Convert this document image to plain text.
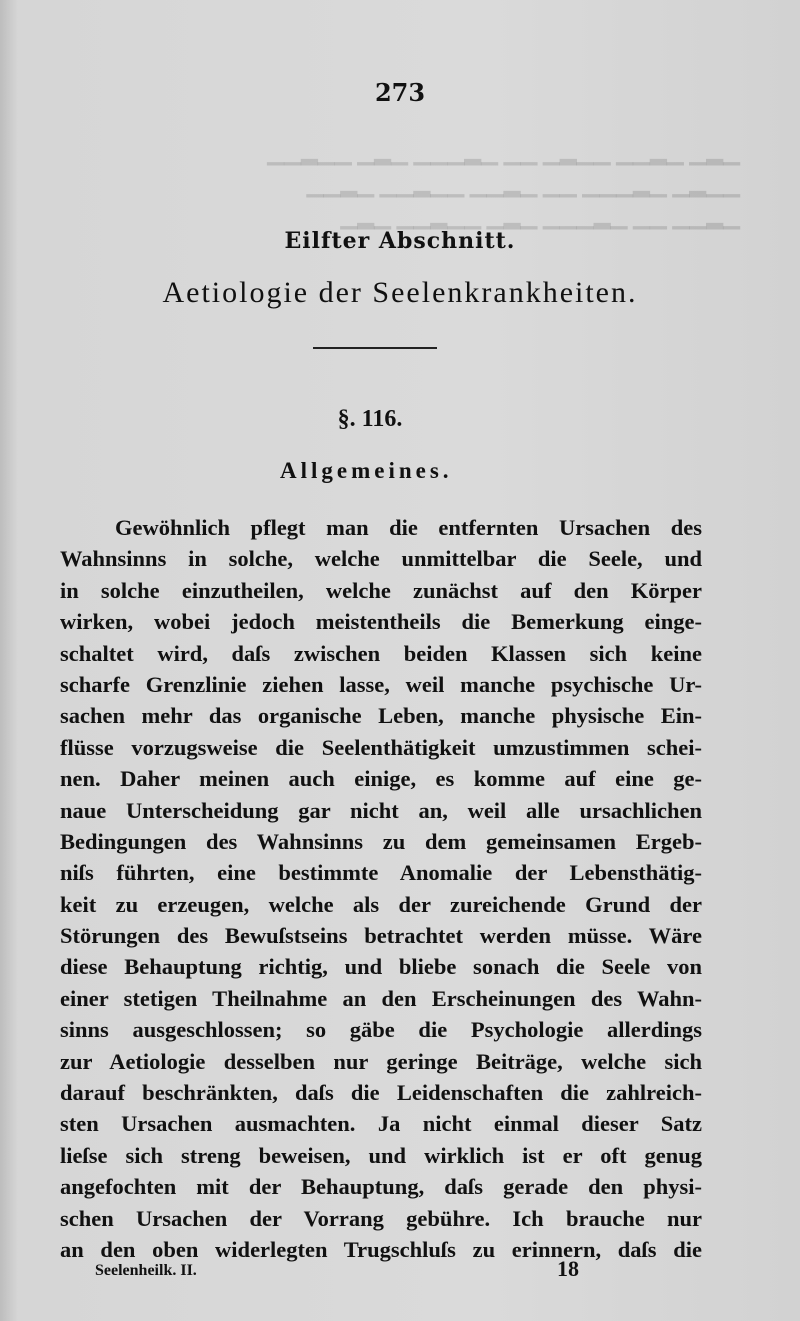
▁▂▁ ▁▂▁▁ ▁▁▂▁ ▁▁ ▁▂▁▁▁ ▁▂▁ ▁▁▂▁▁
▁▁▂▁ ▁▂▁▁▁ ▁▁ ▁▂▁▁ ▁▁▂▁▁ ▁▂▁▁
▁▂▁▁ ▁▁ ▁▂▁▁▁ ▁▂▁ ▁▁▂▁▁ ▁▂▁
273
Eilfter Abschnitt.
Aetiologie der Seelenkrankheiten.
§. 116.
Allgemeines.
Gewöhnlich pflegt man die entfernten Ursachen des
Wahnsinns in solche, welche unmittelbar die Seele, und
in solche einzutheilen, welche zunächst auf den Körper
wirken, wobei jedoch meistentheils die Bemerkung einge-
schaltet wird, daſs zwischen beiden Klassen sich keine
scharfe Grenzlinie ziehen lasse, weil manche psychische Ur-
sachen mehr das organische Leben, manche physische Ein-
flüsse vorzugsweise die Seelenthätigkeit umzustimmen schei-
nen. Daher meinen auch einige, es komme auf eine ge-
naue Unterscheidung gar nicht an, weil alle ursachlichen
Bedingungen des Wahnsinns zu dem gemeinsamen Ergeb-
niſs führten, eine bestimmte Anomalie der Lebensthätig-
keit zu erzeugen, welche als der zureichende Grund der
Störungen des Bewuſstseins betrachtet werden müsse. Wäre
diese Behauptung richtig, und bliebe sonach die Seele von
einer stetigen Theilnahme an den Erscheinungen des Wahn-
sinns ausgeschlossen; so gäbe die Psychologie allerdings
zur Aetiologie desselben nur geringe Beiträge, welche sich
darauf beschränkten, daſs die Leidenschaften die zahlreich-
sten Ursachen ausmachten. Ja nicht einmal dieser Satz
lieſse sich streng beweisen, und wirklich ist er oft genug
angefochten mit der Behauptung, daſs gerade den physi-
schen Ursachen der Vorrang gebühre. Ich brauche nur
an den oben widerlegten Trugschluſs zu erinnern, daſs die
Seelenheilk. II.	18
